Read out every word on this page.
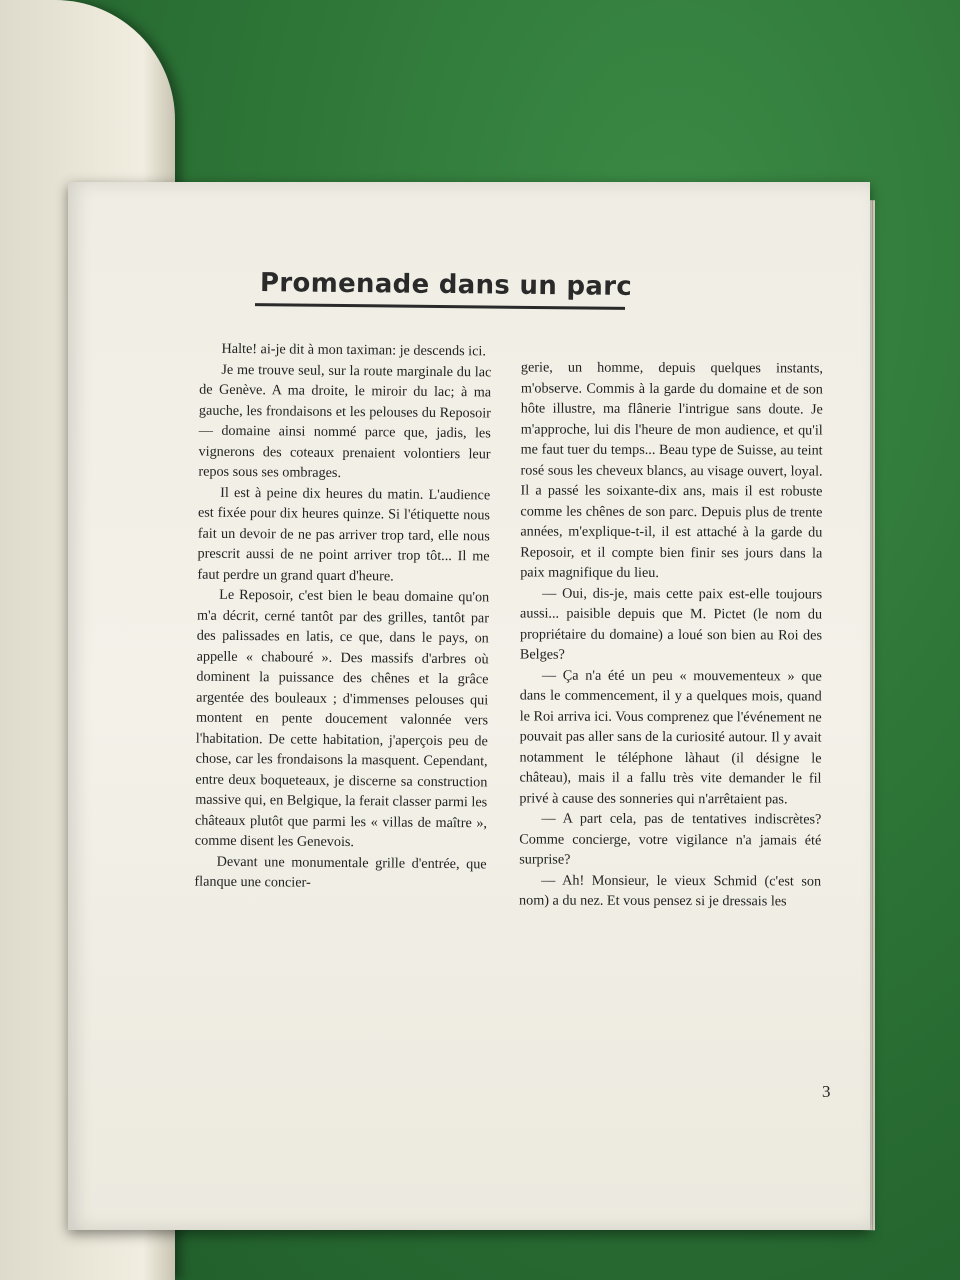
Promenade dans un parc

Halte! ai-je dit à mon taximan: je descends ici.

Je me trouve seul, sur la route marginale du lac de Genève. A ma droite, le miroir du lac; à ma gauche, les frondaisons et les pelouses du Reposoir — domaine ainsi nommé parce que, jadis, les vignerons des coteaux prenaient volontiers leur repos sous ses ombrages.

Il est à peine dix heures du matin. L'audience est fixée pour dix heures quinze. Si l'étiquette nous fait un devoir de ne pas arriver trop tard, elle nous prescrit aussi de ne point arriver trop tôt... Il me faut perdre un grand quart d'heure.

Le Reposoir, c'est bien le beau domaine qu'on m'a décrit, cerné tantôt par des grilles, tantôt par des palissades en latis, ce que, dans le pays, on appelle « chabouré ». Des massifs d'arbres où dominent la puissance des chênes et la grâce argentée des bouleaux ; d'immenses pelouses qui montent en pente doucement valonnée vers l'habitation. De cette habitation, j'aperçois peu de chose, car les frondaisons la masquent. Cependant, entre deux boqueteaux, je discerne sa construction massive qui, en Belgique, la ferait classer parmi les châteaux plutôt que parmi les « villas de maître », comme disent les Genevois.

Devant une monumentale grille d'entrée, que flanque une concier-

gerie, un homme, depuis quelques instants, m'observe. Commis à la garde du domaine et de son hôte illustre, ma flânerie l'intrigue sans doute. Je m'approche, lui dis l'heure de mon audience, et qu'il me faut tuer du temps... Beau type de Suisse, au teint rosé sous les cheveux blancs, au visage ouvert, loyal. Il a passé les soixante-dix ans, mais il est robuste comme les chênes de son parc. Depuis plus de trente années, m'explique-t-il, il est attaché à la garde du Reposoir, et il compte bien finir ses jours dans la paix magnifique du lieu.

— Oui, dis-je, mais cette paix est-elle toujours aussi... paisible depuis que M. Pictet (le nom du propriétaire du domaine) a loué son bien au Roi des Belges?

— Ça n'a été un peu « mouvementeux » que dans le commencement, il y a quelques mois, quand le Roi arriva ici. Vous comprenez que l'événement ne pouvait pas aller sans de la curiosité autour. Il y avait notamment le téléphone làhaut (il désigne le château), mais il a fallu très vite demander le fil privé à cause des sonneries qui n'arrêtaient pas.

— A part cela, pas de tentatives indiscrètes? Comme concierge, votre vigilance n'a jamais été surprise?

— Ah! Monsieur, le vieux Schmid (c'est son nom) a du nez. Et vous pensez si je dressais les

3
